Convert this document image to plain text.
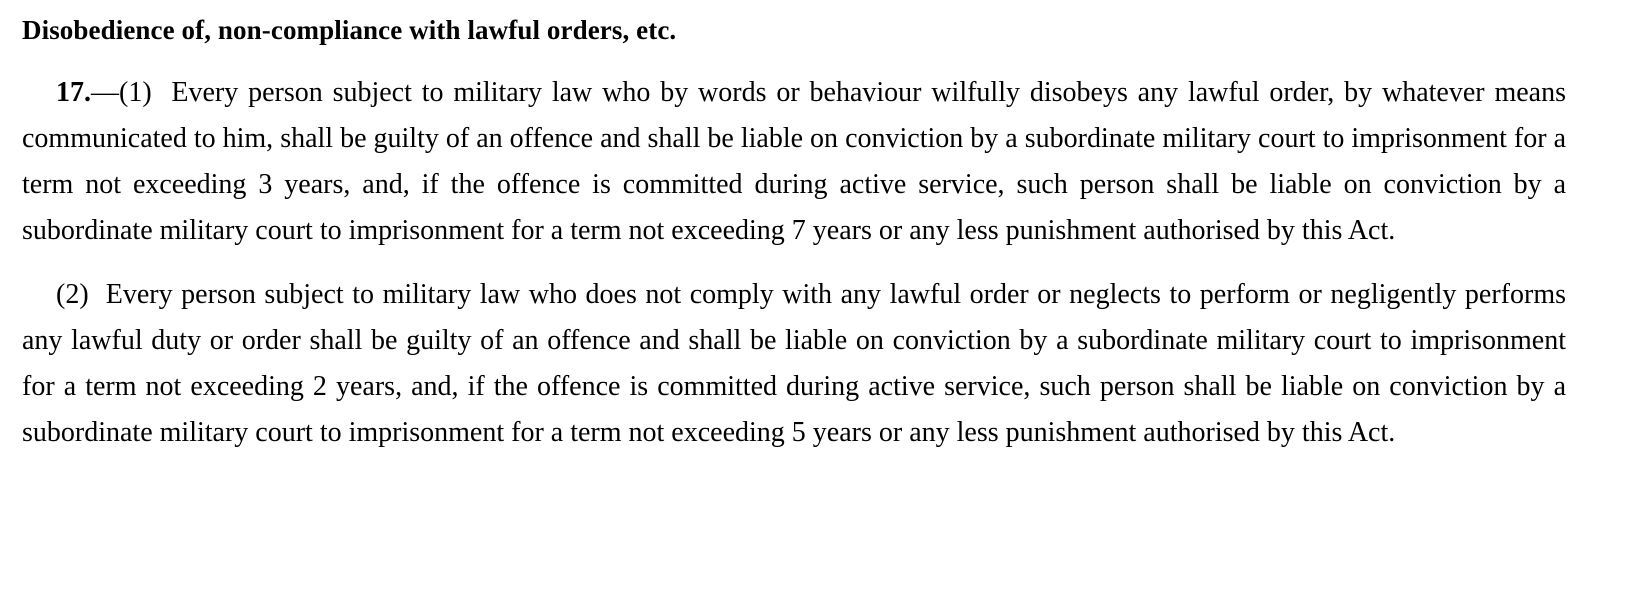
Disobedience of, non-compliance with lawful orders, etc.

17.—(1) Every person subject to military law who by words or behaviour wilfully disobeys any lawful order, by whatever means communicated to him, shall be guilty of an offence and shall be liable on conviction by a subordinate military court to imprisonment for a term not exceeding 3 years, and, if the offence is committed during active service, such person shall be liable on conviction by a subordinate military court to imprisonment for a term not exceeding 7 years or any less punishment authorised by this Act.

(2) Every person subject to military law who does not comply with any lawful order or neglects to perform or negligently performs any lawful duty or order shall be guilty of an offence and shall be liable on conviction by a subordinate military court to imprisonment for a term not exceeding 2 years, and, if the offence is committed during active service, such person shall be liable on conviction by a subordinate military court to imprisonment for a term not exceeding 5 years or any less punishment authorised by this Act.
